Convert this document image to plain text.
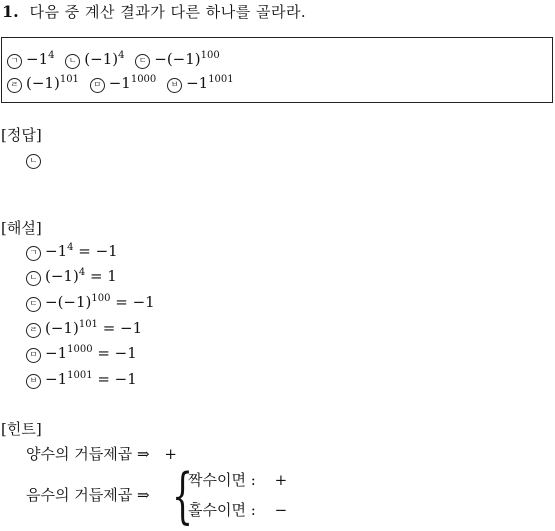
1. 다음 중 계산 결과가 다른 하나를 골라라.
ㄱ $-1^4$ ㄴ $(-1)^4$ ㄷ $-(-1)^{100}$
ㄹ $(-1)^{101}$ ㅁ $-1^{1000}$ ㅂ $-1^{1001}$
[정답]
ㄴ
[해설]
ㄱ $-1^4 = -1$
ㄴ $(-1)^4 = 1$
ㄷ $-(-1)^{100} = -1$
ㄹ $(-1)^{101} = -1$
ㅁ $-1^{1000} = -1$
ㅂ $-1^{1001} = -1$
[힌트]
양수의 거듭제곱 ⇒ +
음수의 거듭제곱 ⇒ {
짝수이면 : +
홀수이면 : −
